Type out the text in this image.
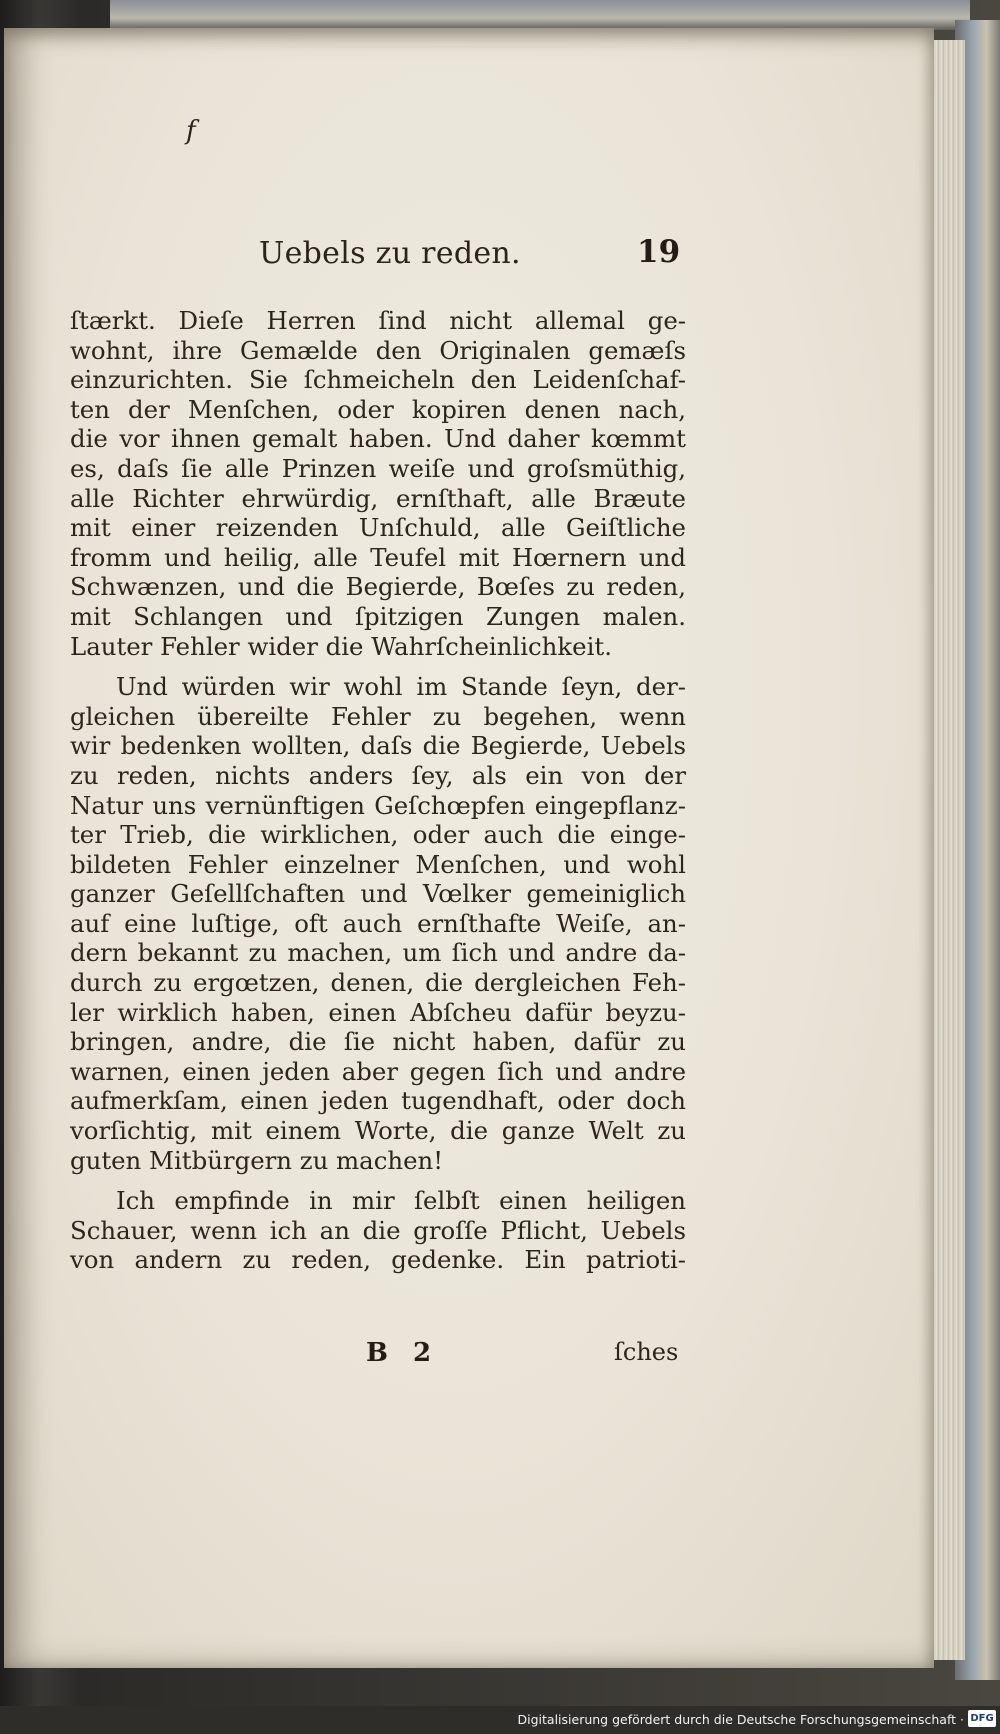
f
Uebels zu reden.	19
ſtærkt. Dieſe Herren ſind nicht allemal ge-
wohnt, ihre Gemælde den Originalen gemæſs
einzurichten. Sie ſchmeicheln den Leidenſchaf-
ten der Menſchen, oder kopiren denen nach,
die vor ihnen gemalt haben. Und daher kœmmt
es, daſs ſie alle Prinzen weiſe und groſsmüthig,
alle Richter ehrwürdig, ernſthaft, alle Bræute
mit einer reizenden Unſchuld, alle Geiſtliche
fromm und heilig, alle Teufel mit Hœrnern und
Schwænzen, und die Begierde, Bœſes zu reden,
mit Schlangen und ſpitzigen Zungen malen.
Lauter Fehler wider die Wahrſcheinlichkeit.
Und würden wir wohl im Stande ſeyn, der-
gleichen übereilte Fehler zu begehen, wenn
wir bedenken wollten, daſs die Begierde, Uebels
zu reden, nichts anders ſey, als ein von der
Natur uns vernünftigen Geſchœpfen eingepflanz-
ter Trieb, die wirklichen, oder auch die einge-
bildeten Fehler einzelner Menſchen, und wohl
ganzer Geſellſchaften und Vœlker gemeiniglich
auf eine luſtige, oft auch ernſthafte Weiſe, an-
dern bekannt zu machen, um ſich und andre da-
durch zu ergœtzen, denen, die dergleichen Feh-
ler wirklich haben, einen Abſcheu dafür beyzu-
bringen, andre, die ſie nicht haben, dafür zu
warnen, einen jeden aber gegen ſich und andre
aufmerkſam, einen jeden tugendhaft, oder doch
vorſichtig, mit einem Worte, die ganze Welt zu
guten Mitbürgern zu machen!
Ich empfinde in mir ſelbſt einen heiligen
Schauer, wenn ich an die groſſe Pflicht, Uebels
von andern zu reden, gedenke. Ein patrioti-
B 2	ſches
Digitalisierung gefördert durch die Deutsche Forschungsgemeinschaft · DFG
